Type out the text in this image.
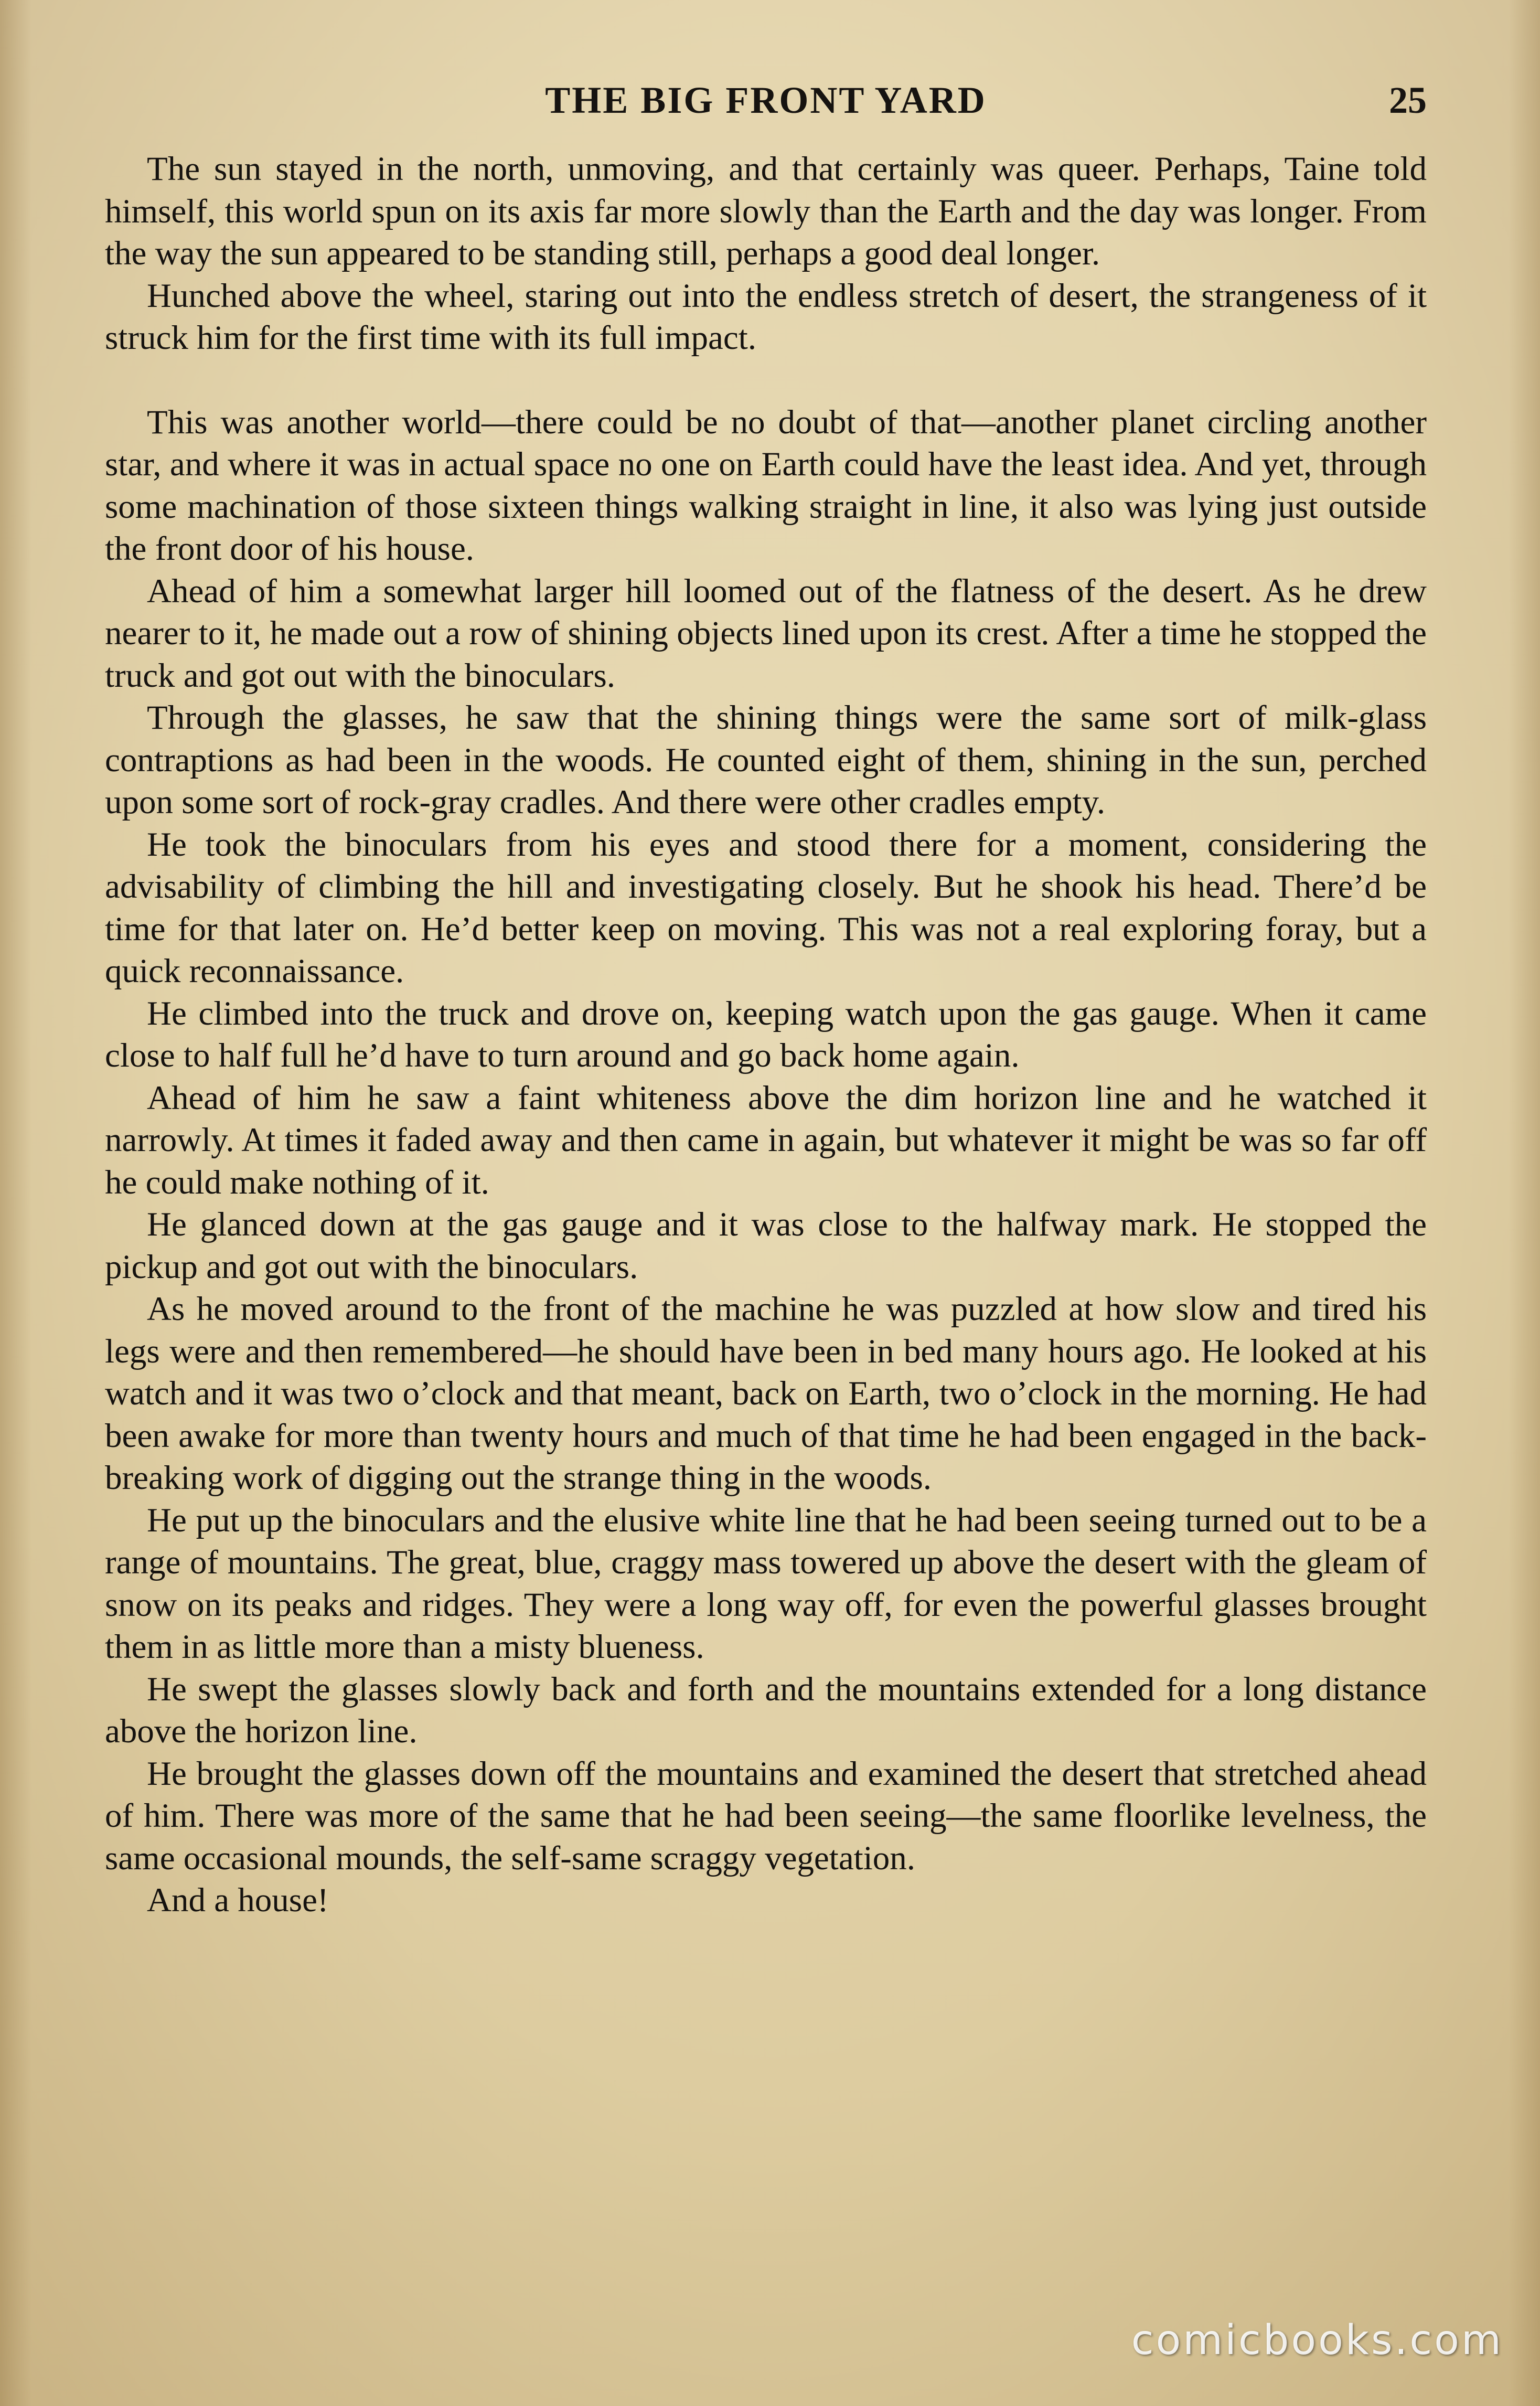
THE BIG FRONT YARD	25

The sun stayed in the north, unmoving, and that certainly was queer. Perhaps, Taine told himself, this world spun on its axis far more slowly than the Earth and the day was longer. From the way the sun appeared to be standing still, perhaps a good deal longer.

Hunched above the wheel, staring out into the endless stretch of desert, the strangeness of it struck him for the first time with its full impact.

This was another world—there could be no doubt of that—another planet circling another star, and where it was in actual space no one on Earth could have the least idea. And yet, through some machination of those sixteen things walking straight in line, it also was lying just outside the front door of his house.

Ahead of him a somewhat larger hill loomed out of the flatness of the desert. As he drew nearer to it, he made out a row of shining objects lined upon its crest. After a time he stopped the truck and got out with the binoculars.

Through the glasses, he saw that the shining things were the same sort of milk-glass contraptions as had been in the woods. He counted eight of them, shining in the sun, perched upon some sort of rock-gray cradles. And there were other cradles empty.

He took the binoculars from his eyes and stood there for a moment, considering the advisability of climbing the hill and investigating closely. But he shook his head. There’d be time for that later on. He’d better keep on moving. This was not a real exploring foray, but a quick reconnaissance.

He climbed into the truck and drove on, keeping watch upon the gas gauge. When it came close to half full he’d have to turn around and go back home again.

Ahead of him he saw a faint whiteness above the dim horizon line and he watched it narrowly. At times it faded away and then came in again, but whatever it might be was so far off he could make nothing of it.

He glanced down at the gas gauge and it was close to the halfway mark. He stopped the pickup and got out with the binoculars.

As he moved around to the front of the machine he was puzzled at how slow and tired his legs were and then remembered—he should have been in bed many hours ago. He looked at his watch and it was two o’clock and that meant, back on Earth, two o’clock in the morning. He had been awake for more than twenty hours and much of that time he had been engaged in the back-breaking work of digging out the strange thing in the woods.

He put up the binoculars and the elusive white line that he had been seeing turned out to be a range of mountains. The great, blue, craggy mass towered up above the desert with the gleam of snow on its peaks and ridges. They were a long way off, for even the powerful glasses brought them in as little more than a misty blueness.

He swept the glasses slowly back and forth and the mountains extended for a long distance above the horizon line.

He brought the glasses down off the mountains and examined the desert that stretched ahead of him. There was more of the same that he had been seeing—the same floorlike levelness, the same occasional mounds, the self-same scraggy vegetation.

And a house!

comicbooks.com
